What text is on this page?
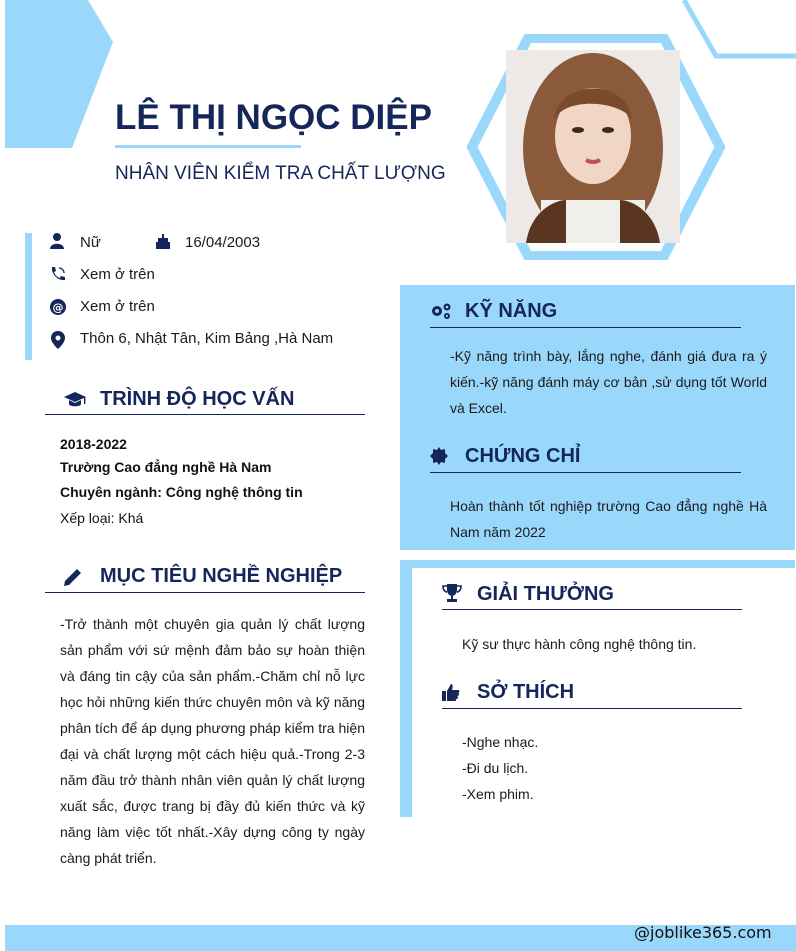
LÊ THỊ NGỌC DIỆP
NHÂN VIÊN KIỂM TRA CHẤT LƯỢNG
Nữ	16/04/2003
Xem ở trên
@ Xem ở trên
Thôn 6, Nhật Tân, Kim Bảng ,Hà Nam
TRÌNH ĐỘ HỌC VẤN
2018-2022
Trường Cao đẳng nghề Hà Nam
Chuyên ngành: Công nghệ thông tin
Xếp loại: Khá
MỤC TIÊU NGHỀ NGHIỆP
-Trở thành một chuyên gia quản lý chất lượng sản phẩm với sứ mệnh đảm bảo sự hoàn thiện và đáng tin cậy của sản phẩm.-Chăm chỉ nỗ lực học hỏi những kiến thức chuyên môn và kỹ năng phân tích để áp dụng phương pháp kiểm tra hiện đại và chất lượng một cách hiệu quả.-Trong 2-3 năm đầu trở thành nhân viên quản lý chất lượng xuất sắc, được trang bị đầy đủ kiến thức và kỹ năng làm việc tốt nhất.-Xây dựng công ty ngày càng phát triển.
KỸ NĂNG
-Kỹ năng trình bày, lắng nghe, đánh giá đưa ra ý kiến.-kỹ năng đánh máy cơ bản ,sử dụng tốt World và Excel.
CHỨNG CHỈ
Hoàn thành tốt nghiệp trường Cao đẳng nghề Hà Nam năm 2022
GIẢI THƯỞNG
Kỹ sư thực hành công nghệ thông tin.
SỞ THÍCH
-Nghe nhạc.
-Đi du lịch.
-Xem phim.
@joblike365.com
